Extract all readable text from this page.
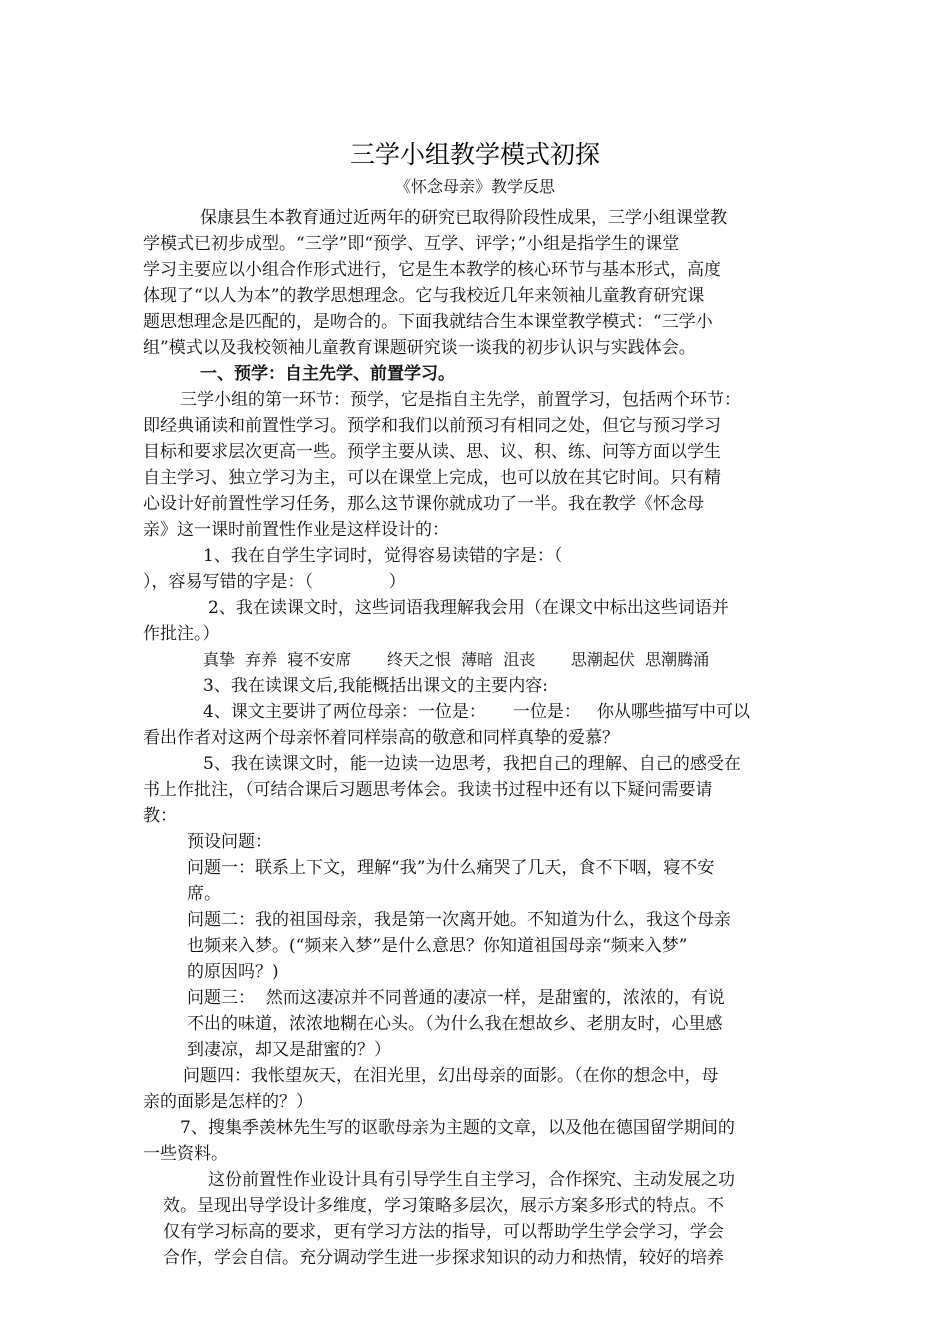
三学小组教学模式初探
《怀念母亲》教学反思
保康县生本教育通过近两年的研究已取得阶段性成果，三学小组课堂教
学模式已初步成型。“三学”即“预学、互学、评学；”小组是指学生的课堂
学习主要应以小组合作形式进行，它是生本教学的核心环节与基本形式，高度
体现了“以人为本”的教学思想理念。它与我校近几年来领袖儿童教育研究课
题思想理念是匹配的，是吻合的。下面我就结合生本课堂教学模式：“三学小
组”模式以及我校领袖儿童教育课题研究谈一谈我的初步认识与实践体会。
一、预学：自主先学、前置学习。
三学小组的第一环节：预学，它是指自主先学，前置学习，包括两个环节：
即经典诵读和前置性学习。预学和我们以前预习有相同之处，但它与预习学习
目标和要求层次更高一些。预学主要从读、思、议、积、练、问等方面以学生
自主学习、独立学习为主，可以在课堂上完成，也可以放在其它时间。只有精
心设计好前置性学习任务，那么这节课你就成功了一半。我在教学《怀念母
亲》这一课时前置性作业是这样设计的：
1、我在自学生字词时，觉得容易读错的字是：（
），容易写错的字是：（              ）
2、我在读课文时，这些词语我理解我会用（在课文中标出这些词语并
作批注。）
真挚  弃养  寝不安席       终天之恨  薄暗  沮丧       思潮起伏  思潮腾涌
3、我在读课文后,我能概括出课文的主要内容:
4、课文主要讲了两位母亲：一位是：     一位是：   你从哪些描写中可以
看出作者对这两个母亲怀着同样崇高的敬意和同样真挚的爱慕？
5、我在读课文时，能一边读一边思考，我把自己的理解、自己的感受在
书上作批注，（可结合课后习题思考体会。我读书过程中还有以下疑问需要请
教：
预设问题：
问题一：联系上下文，理解“我”为什么痛哭了几天，食不下咽，寝不安
席。
问题二：我的祖国母亲，我是第一次离开她。不知道为什么，我这个母亲
也频来入梦。(“频来入梦”是什么意思？你知道祖国母亲“频来入梦”
的原因吗？)
问题三：  然而这凄凉并不同普通的凄凉一样，是甜蜜的，浓浓的，有说
不出的味道，浓浓地糊在心头。（为什么我在想故乡、老朋友时，心里感
到凄凉，却又是甜蜜的？）
问题四：我怅望灰天，在泪光里，幻出母亲的面影。（在你的想念中，母
亲的面影是怎样的？）
7、搜集季羡林先生写的讴歌母亲为主题的文章，以及他在德国留学期间的
一些资料。
这份前置性作业设计具有引导学生自主学习，合作探究、主动发展之功
效。呈现出导学设计多维度，学习策略多层次，展示方案多形式的特点。不
仅有学习标高的要求，更有学习方法的指导，可以帮助学生学会学习，学会
合作，学会自信。充分调动学生进一步探求知识的动力和热情，较好的培养
